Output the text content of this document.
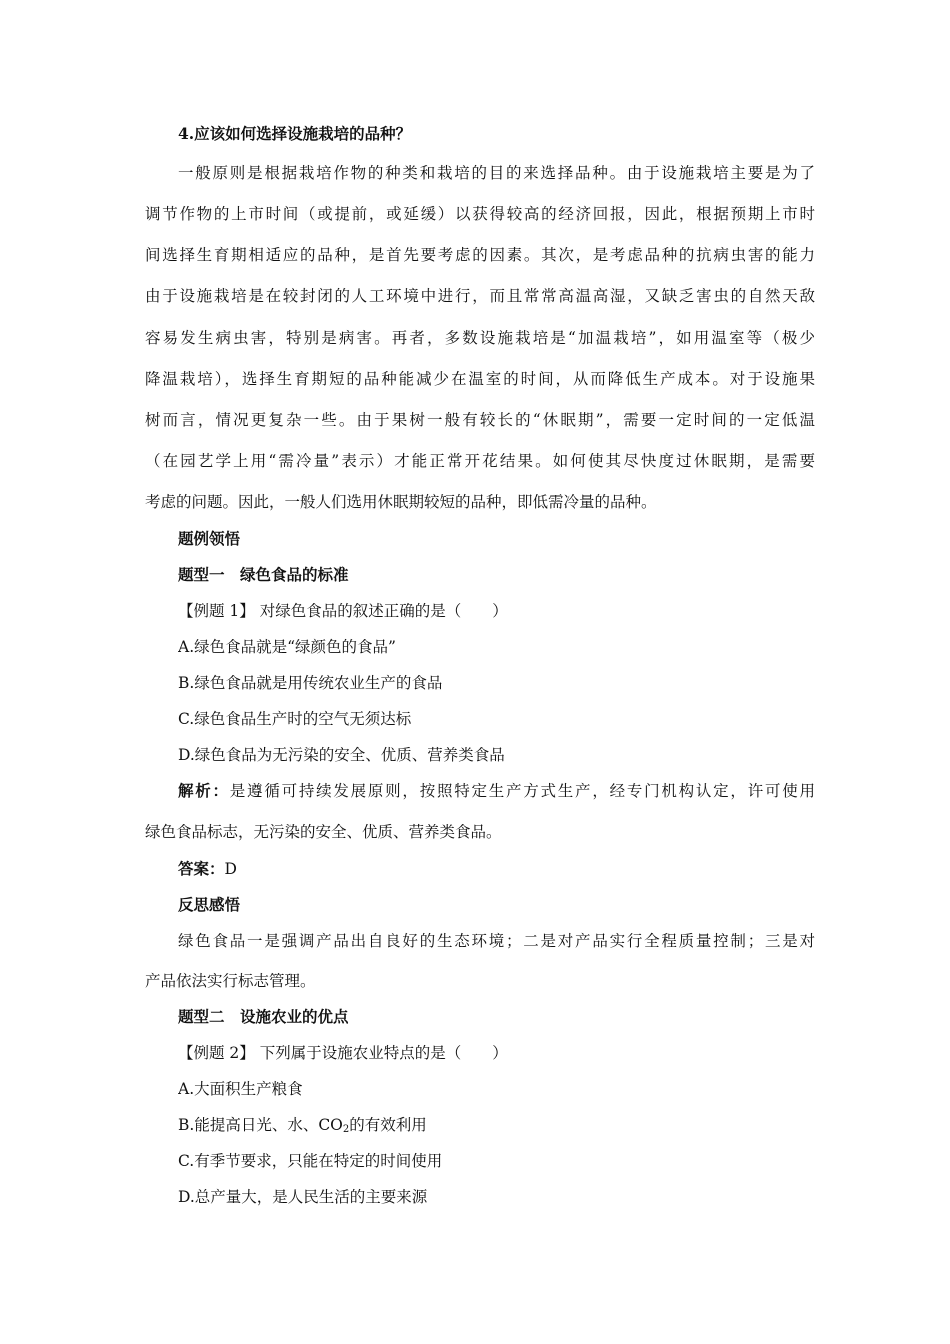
4.应该如何选择设施栽培的品种？
一般原则是根据栽培作物的种类和栽培的目的来选择品种。由于设施栽培主要是为了
调节作物的上市时间（或提前，或延缓）以获得较高的经济回报，因此，根据预期上市时
间选择生育期相适应的品种，是首先要考虑的因素。其次，是考虑品种的抗病虫害的能力
由于设施栽培是在较封闭的人工环境中进行，而且常常高温高湿，又缺乏害虫的自然天敌
容易发生病虫害，特别是病害。再者，多数设施栽培是“加温栽培”，如用温室等（极少
降温栽培），选择生育期短的品种能减少在温室的时间，从而降低生产成本。对于设施果
树而言，情况更复杂一些。由于果树一般有较长的“休眠期”，需要一定时间的一定低温
（在园艺学上用“需冷量”表示）才能正常开花结果。如何使其尽快度过休眠期，是需要
考虑的问题。因此，一般人们选用休眠期较短的品种，即低需冷量的品种。
题例领悟
题型一　绿色食品的标准
【例题 1】 对绿色食品的叙述正确的是（　　）
A.绿色食品就是“绿颜色的食品”
B.绿色食品就是用传统农业生产的食品
C.绿色食品生产时的空气无须达标
D.绿色食品为无污染的安全、优质、营养类食品
解析：是遵循可持续发展原则，按照特定生产方式生产，经专门机构认定，许可使用
绿色食品标志，无污染的安全、优质、营养类食品。
答案：D
反思感悟
绿色食品一是强调产品出自良好的生态环境；二是对产品实行全程质量控制；三是对
产品依法实行标志管理。
题型二　设施农业的优点
【例题 2】 下列属于设施农业特点的是（　　）
A.大面积生产粮食
B.能提高日光、水、$CO_2$的有效利用
C.有季节要求，只能在特定的时间使用
D.总产量大，是人民生活的主要来源
